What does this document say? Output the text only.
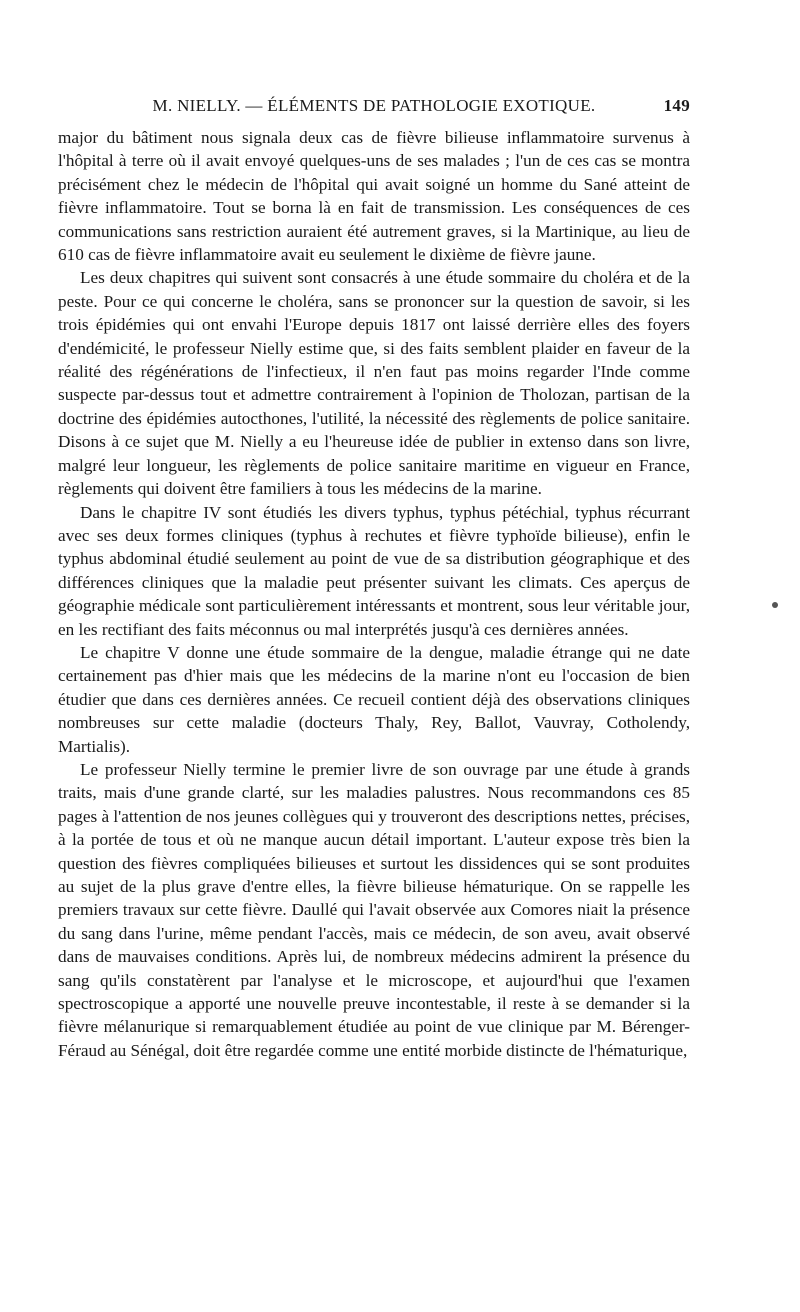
M. NIELLY. — ÉLÉMENTS DE PATHOLOGIE EXOTIQUE.	149

major du bâtiment nous signala deux cas de fièvre bilieuse inflammatoire survenus à l'hôpital à terre où il avait envoyé quelques-uns de ses malades ; l'un de ces cas se montra précisément chez le médecin de l'hôpital qui avait soigné un homme du Sané atteint de fièvre inflammatoire. Tout se borna là en fait de transmission. Les conséquences de ces communications sans restriction auraient été autrement graves, si la Martinique, au lieu de 610 cas de fièvre inflammatoire avait eu seulement le dixième de fièvre jaune.

Les deux chapitres qui suivent sont consacrés à une étude sommaire du choléra et de la peste. Pour ce qui concerne le choléra, sans se prononcer sur la question de savoir, si les trois épidémies qui ont envahi l'Europe depuis 1817 ont laissé derrière elles des foyers d'endémicité, le professeur Nielly estime que, si des faits semblent plaider en faveur de la réalité des régénérations de l'infectieux, il n'en faut pas moins regarder l'Inde comme suspecte par-dessus tout et admettre contrairement à l'opinion de Tholozan, partisan de la doctrine des épidémies autocthones, l'utilité, la nécessité des règlements de police sanitaire. Disons à ce sujet que M. Nielly a eu l'heureuse idée de publier in extenso dans son livre, malgré leur longueur, les règlements de police sanitaire maritime en vigueur en France, règlements qui doivent être familiers à tous les médecins de la marine.

Dans le chapitre IV sont étudiés les divers typhus, typhus pétéchial, typhus récurrant avec ses deux formes cliniques (typhus à rechutes et fièvre typhoïde bilieuse), enfin le typhus abdominal étudié seulement au point de vue de sa distribution géographique et des différences cliniques que la maladie peut présenter suivant les climats. Ces aperçus de géographie médicale sont particulièrement intéressants et montrent, sous leur véritable jour, en les rectifiant des faits méconnus ou mal interprétés jusqu'à ces dernières années.

Le chapitre V donne une étude sommaire de la dengue, maladie étrange qui ne date certainement pas d'hier mais que les médecins de la marine n'ont eu l'occasion de bien étudier que dans ces dernières années. Ce recueil contient déjà des observations cliniques nombreuses sur cette maladie (docteurs Thaly, Rey, Ballot, Vauvray, Cotholendy, Martialis).

Le professeur Nielly termine le premier livre de son ouvrage par une étude à grands traits, mais d'une grande clarté, sur les maladies palustres. Nous recommandons ces 85 pages à l'attention de nos jeunes collègues qui y trouveront des descriptions nettes, précises, à la portée de tous et où ne manque aucun détail important. L'auteur expose très bien la question des fièvres compliquées bilieuses et surtout les dissidences qui se sont produites au sujet de la plus grave d'entre elles, la fièvre bilieuse hématurique. On se rappelle les premiers travaux sur cette fièvre. Daullé qui l'avait observée aux Comores niait la présence du sang dans l'urine, même pendant l'accès, mais ce médecin, de son aveu, avait observé dans de mauvaises conditions. Après lui, de nombreux médecins admirent la présence du sang qu'ils constatèrent par l'analyse et le microscope, et aujourd'hui que l'examen spectroscopique a apporté une nouvelle preuve incontestable, il reste à se demander si la fièvre mélanurique si remarquablement étudiée au point de vue clinique par M. Bérenger-Féraud au Sénégal, doit être regardée comme une entité morbide distincte de l'hématurique,
